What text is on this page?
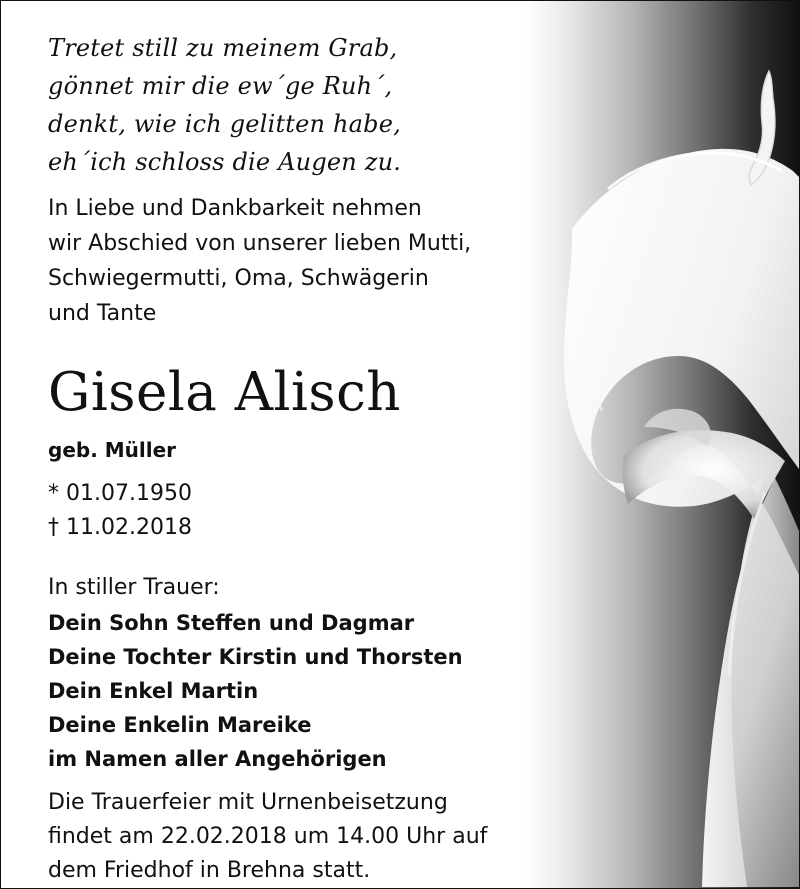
Tretet still zu meinem Grab,
gönnet mir die ew´ge Ruh´,
denkt, wie ich gelitten habe,
eh´ich schloss die Augen zu.
In Liebe und Dankbarkeit nehmen
wir Abschied von unserer lieben Mutti,
Schwiegermutti, Oma, Schwägerin
und Tante
Gisela Alisch
geb. Müller
* 01.07.1950
† 11.02.2018
In stiller Trauer:
Dein Sohn Steffen und Dagmar
Deine Tochter Kirstin und Thorsten
Dein Enkel Martin
Deine Enkelin Mareike
im Namen aller Angehörigen
Die Trauerfeier mit Urnenbeisetzung
findet am 22.02.2018 um 14.00 Uhr auf
dem Friedhof in Brehna statt.
